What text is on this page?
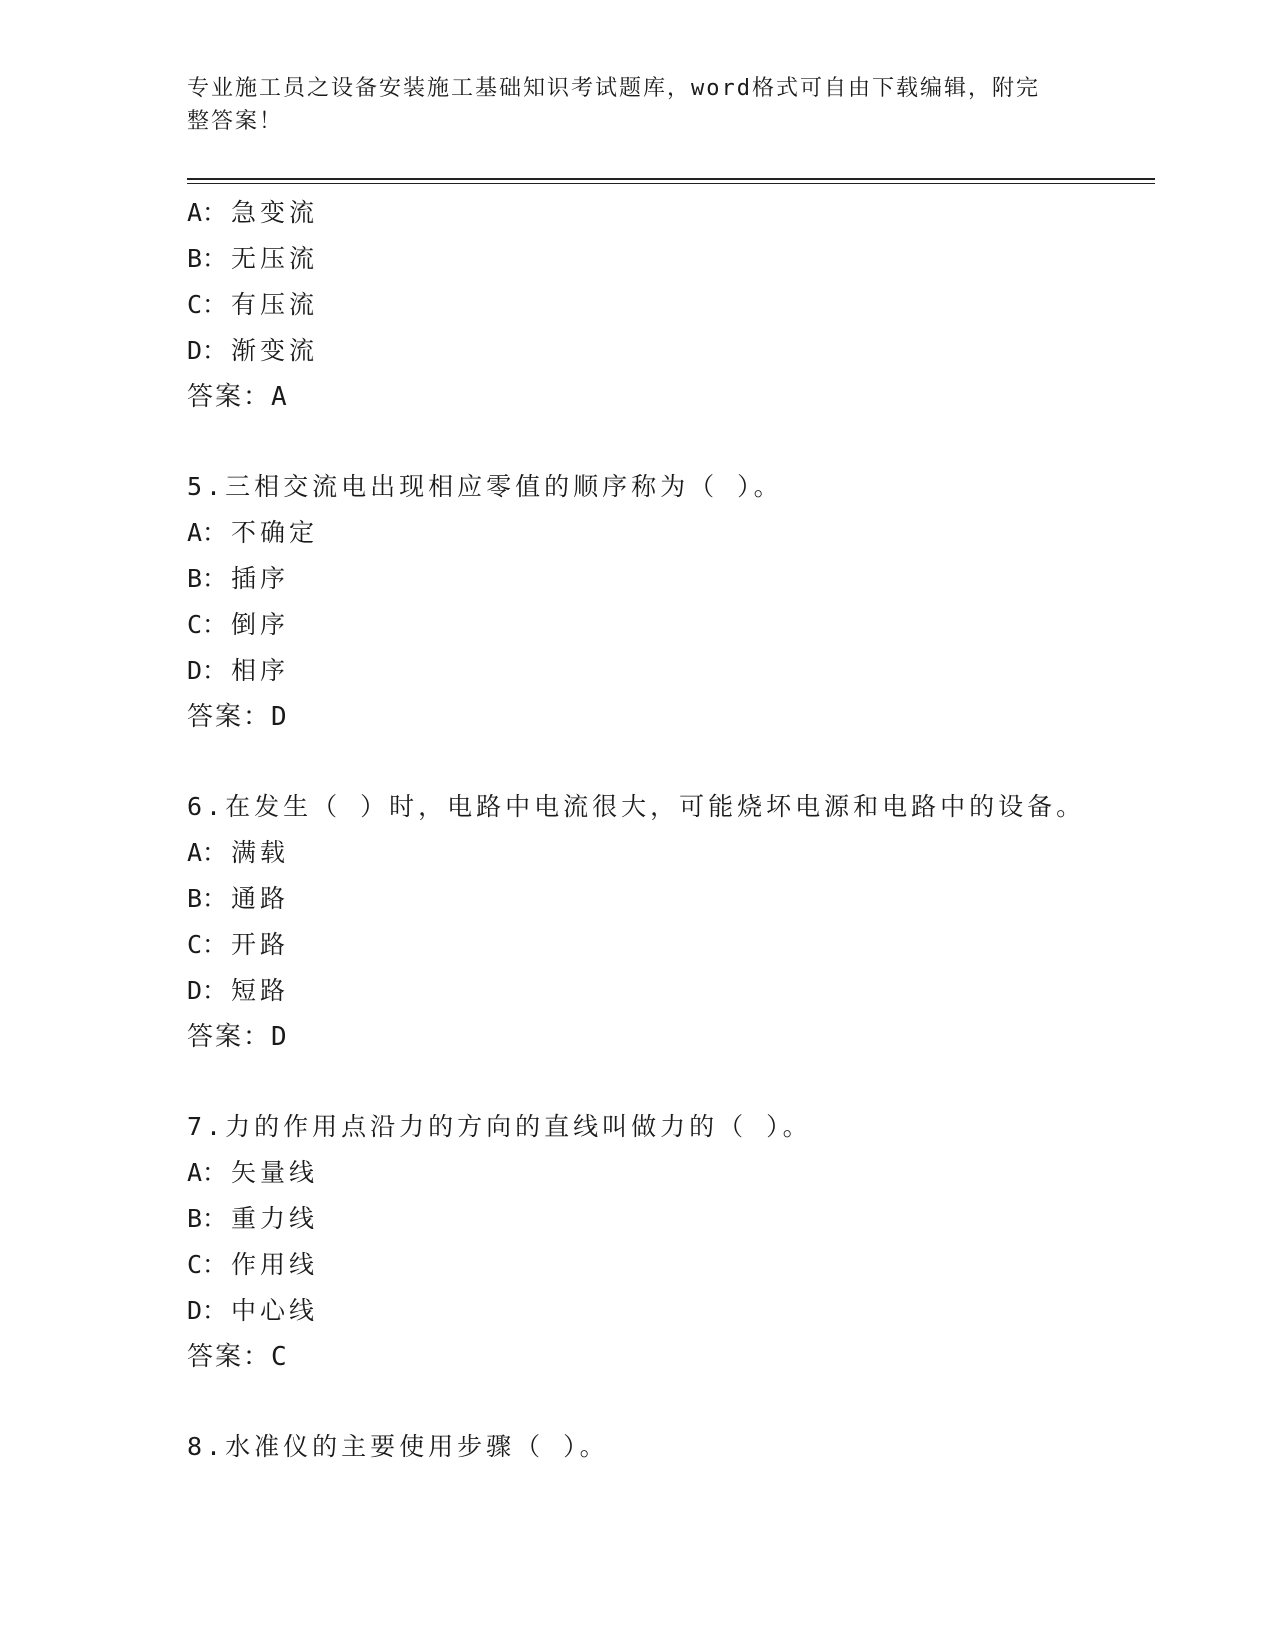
专业施工员之设备安装施工基础知识考试题库，word格式可自由下载编辑，附完
整答案！
A： 急变流
B： 无压流
C： 有压流
D： 渐变流
答案：A
5.三相交流电出现相应零值的顺序称为（ ）。
A： 不确定
B： 插序
C： 倒序
D： 相序
答案：D
6.在发生（ ）时，电路中电流很大，可能烧坏电源和电路中的设备。
A： 满载
B： 通路
C： 开路
D： 短路
答案：D
7.力的作用点沿力的方向的直线叫做力的（ ）。
A： 矢量线
B： 重力线
C： 作用线
D： 中心线
答案：C
8.水准仪的主要使用步骤（ ）。
